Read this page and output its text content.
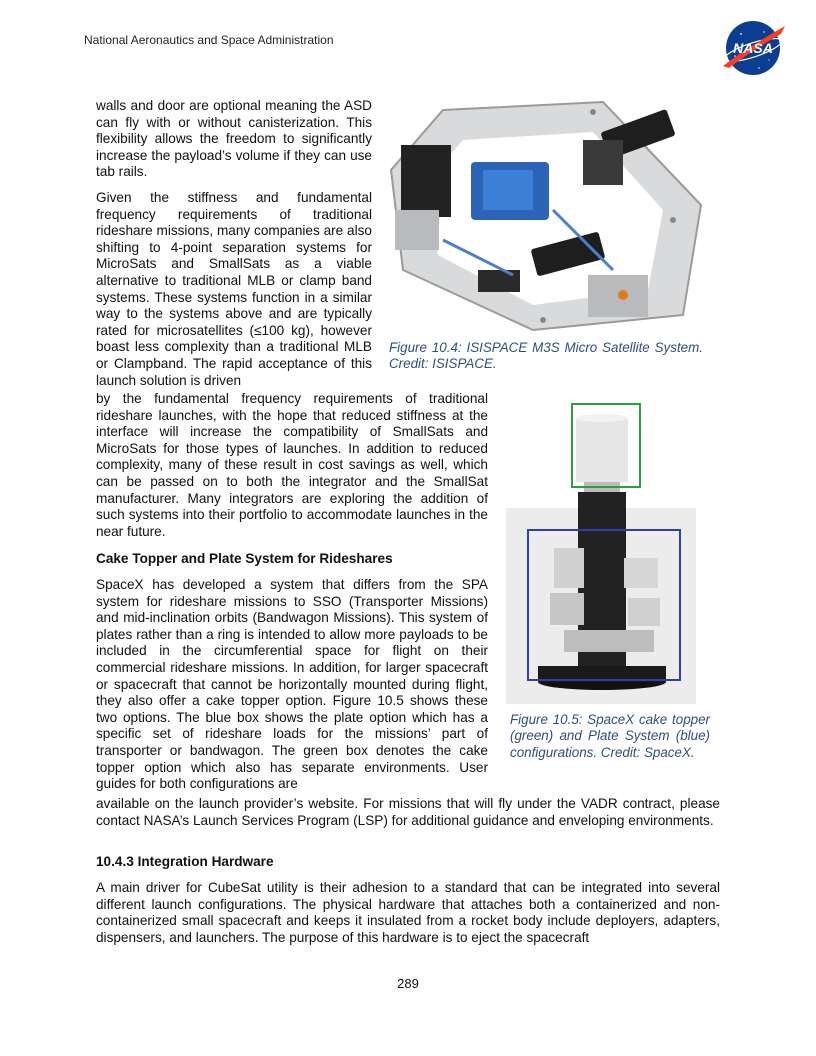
National Aeronautics and Space Administration	NASA

walls and door are optional meaning the ASD can fly with or without canisterization. This flexibility allows the freedom to significantly increase the payload’s volume if they can use tab rails.

Given the stiffness and fundamental frequency requirements of traditional rideshare missions, many companies are also shifting to 4-point separation systems for MicroSats and SmallSats as a viable alternative to traditional MLB or clamp band systems. These systems function in a similar way to the systems above and are typically rated for microsatellites (≤100 kg), however boast less complexity than a traditional MLB or Clampband. The rapid acceptance of this launch solution is driven

by the fundamental frequency requirements of traditional rideshare launches, with the hope that reduced stiffness at the interface will increase the compatibility of SmallSats and MicroSats for those types of launches. In addition to reduced complexity, many of these result in cost savings as well, which can be passed on to both the integrator and the SmallSat manufacturer. Many integrators are exploring the addition of such systems into their portfolio to accommodate launches in the near future.

Cake Topper and Plate System for Rideshares

SpaceX has developed a system that differs from the SPA system for rideshare missions to SSO (Transporter Missions) and mid-inclination orbits (Bandwagon Missions). This system of plates rather than a ring is intended to allow more payloads to be included in the circumferential space for flight on their commercial rideshare missions. In addition, for larger spacecraft or spacecraft that cannot be horizontally mounted during flight, they also offer a cake topper option. Figure 10.5 shows these two options. The blue box shows the plate option which has a specific set of rideshare loads for the missions’ part of transporter or bandwagon. The green box denotes the cake topper option which also has separate environments. User guides for both configurations are

available on the launch provider’s website. For missions that will fly under the VADR contract, please contact NASA’s Launch Services Program (LSP) for additional guidance and enveloping environments.

10.4.3 Integration Hardware

A main driver for CubeSat utility is their adhesion to a standard that can be integrated into several different launch configurations. The physical hardware that attaches both a containerized and non-containerized small spacecraft and keeps it insulated from a rocket body include deployers, adapters, dispensers, and launchers. The purpose of this hardware is to eject the spacecraft

Figure 10.4: ISISPACE M3S Micro Satellite System. Credit: ISISPACE.

Figure 10.5: SpaceX cake topper (green) and Plate System (blue) configurations. Credit: SpaceX.

289
